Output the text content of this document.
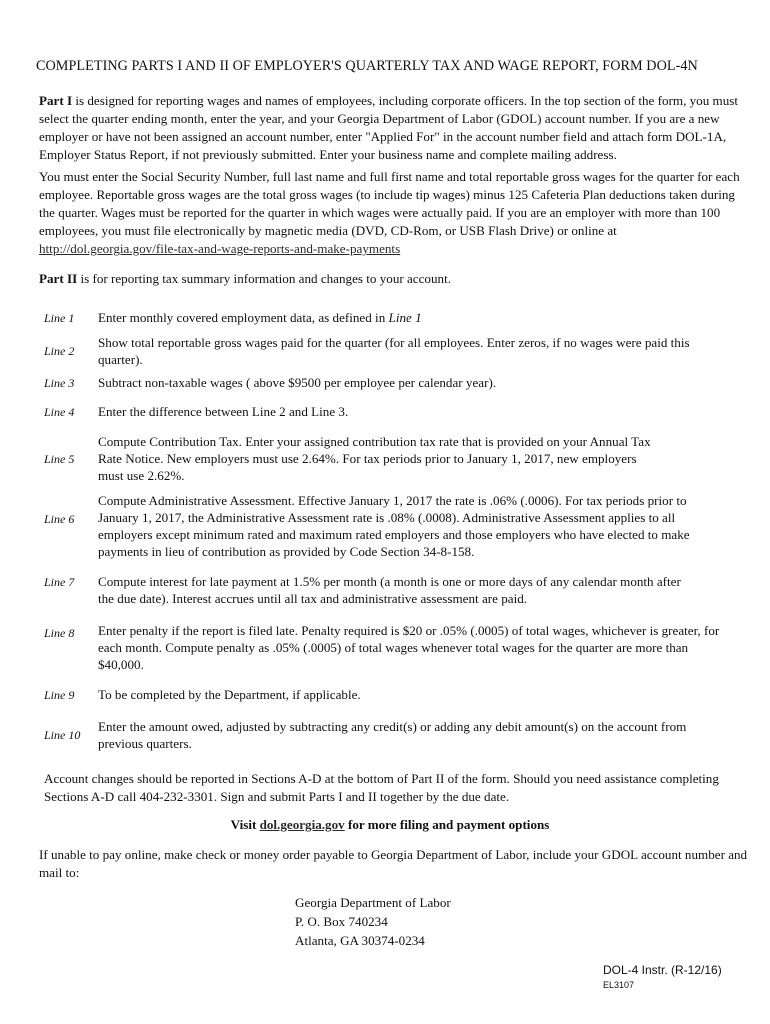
COMPLETING PARTS I AND II OF EMPLOYER'S QUARTERLY TAX AND WAGE REPORT, FORM DOL-4N

Part I is designed for reporting wages and names of employees, including corporate officers. In the top section of the form, you must select the quarter ending month, enter the year, and your Georgia Department of Labor (GDOL) account number. If you are a new employer or have not been assigned an account number, enter "Applied For" in the account number field and attach form DOL-1A, Employer Status Report, if not previously submitted. Enter your business name and complete mailing address.

You must enter the Social Security Number, full last name and full first name and total reportable gross wages for the quarter for each employee. Reportable gross wages are the total gross wages (to include tip wages) minus 125 Cafeteria Plan deductions taken during the quarter. Wages must be reported for the quarter in which wages were actually paid. If you are an employer with more than 100 employees, you must file electronically by magnetic media (DVD, CD-Rom, or USB Flash Drive) or online at http://dol.georgia.gov/file-tax-and-wage-reports-and-make-payments

Part II is for reporting tax summary information and changes to your account.

Line 1 Enter monthly covered employment data, as defined in Line 1
Line 2
Show total reportable gross wages paid for the quarter (for all employees. Enter zeros, if no wages were paid this quarter).
Line 3 Subtract non-taxable wages ( above $9500 per employee per calendar year).
Line 4 Enter the difference between Line 2 and Line 3.
Line 5
Compute Contribution Tax. Enter your assigned contribution tax rate that is provided on your Annual Tax Rate Notice. New employers must use 2.64%. For tax periods prior to January 1, 2017, new employers must use 2.62%.
Line 6
Compute Administrative Assessment. Effective January 1, 2017 the rate is .06% (.0006). For tax periods prior to January 1, 2017, the Administrative Assessment rate is .08% (.0008). Administrative Assessment applies to all employers except minimum rated and maximum rated employers and those employers who have elected to make payments in lieu of contribution as provided by Code Section 34-8-158.
Line 7 Compute interest for late payment at 1.5% per month (a month is one or more days of any calendar month after the due date). Interest accrues until all tax and administrative assessment are paid.
Line 8 Enter penalty if the report is filed late. Penalty required is $20 or .05% (.0005) of total wages, whichever is greater, for each month. Compute penalty as .05% (.0005) of total wages whenever total wages for the quarter are more than $40,000.
Line 9 To be completed by the Department, if applicable.
Line 10
Enter the amount owed, adjusted by subtracting any credit(s) or adding any debit amount(s) on the account from previous quarters.

Account changes should be reported in Sections A-D at the bottom of Part II of the form. Should you need assistance completing Sections A-D call 404-232-3301. Sign and submit Parts I and II together by the due date.

Visit dol.georgia.gov for more filing and payment options

If unable to pay online, make check or money order payable to Georgia Department of Labor, include your GDOL account number and mail to:

Georgia Department of Labor
P. O. Box 740234
Atlanta, GA 30374-0234
DOL-4 Instr. (R-12/16)
EL3107
